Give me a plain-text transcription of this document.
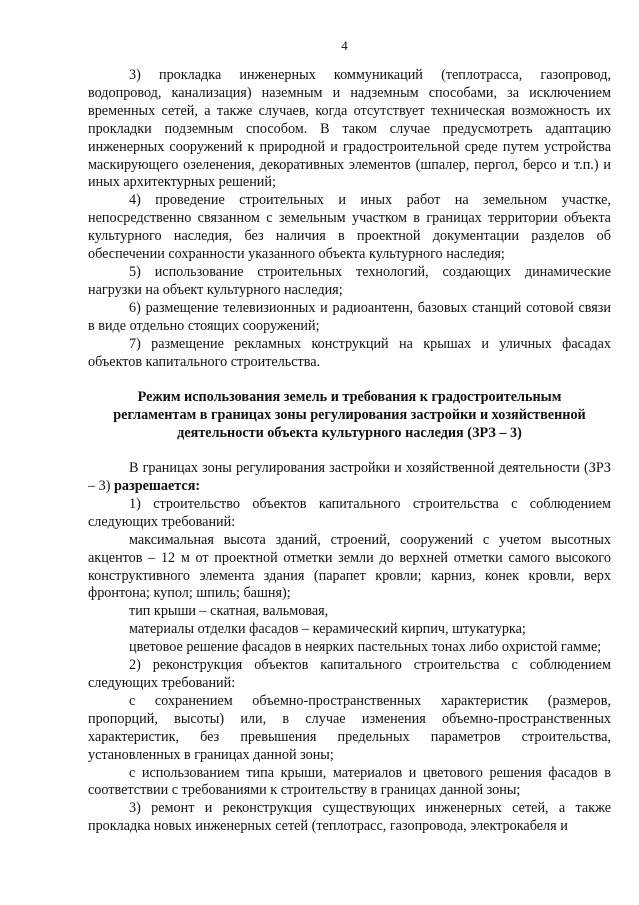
4

3) прокладка инженерных коммуникаций (теплотрасса, газопровод, водопровод, канализация) наземным и надземным способами, за исключением временных сетей, а также случаев, когда отсутствует техническая возможность их прокладки подземным способом. В таком случае предусмотреть адаптацию инженерных сооружений к природной и градостроительной среде путем устройства маскирующего озеленения, декоративных элементов (шпалер, пергол, берсо и т.п.) и иных архитектурных решений;

4) проведение строительных и иных работ на земельном участке, непосредственно связанном с земельным участком в границах территории объекта культурного наследия, без наличия в проектной документации разделов об обеспечении сохранности указанного объекта культурного наследия;

5) использование строительных технологий, создающих динамические нагрузки на объект культурного наследия;

6) размещение телевизионных и радиоантенн, базовых станций сотовой связи в виде отдельно стоящих сооружений;

7) размещение рекламных конструкций на крышах и уличных фасадах объектов капитального строительства.

Режим использования земель и требования к градостроительным
регламентам в границах зоны регулирования застройки и хозяйственной
деятельности объекта культурного наследия (ЗРЗ – 3)

В границах зоны регулирования застройки и хозяйственной деятельности (ЗРЗ – 3) разрешается:

1) строительство объектов капитального строительства с соблюдением следующих требований:

максимальная высота зданий, строений, сооружений с учетом высотных акцентов – 12 м от проектной отметки земли до верхней отметки самого высокого конструктивного элемента здания (парапет кровли; карниз, конек кровли, верх фронтона; купол; шпиль; башня);

тип крыши – скатная, вальмовая,

материалы отделки фасадов – керамический кирпич, штукатурка;

цветовое решение фасадов в неярких пастельных тонах либо охристой гамме;

2) реконструкция объектов капитального строительства с соблюдением следующих требований:

с сохранением объемно-пространственных характеристик (размеров, пропорций, высоты) или, в случае изменения объемно-пространственных характеристик, без превышения предельных параметров строительства, установленных в границах данной зоны;

с использованием типа крыши, материалов и цветового решения фасадов в соответствии с требованиями к строительству в границах данной зоны;

3) ремонт и реконструкция существующих инженерных сетей, а также прокладка новых инженерных сетей (теплотрасс, газопровода, электрокабеля и
